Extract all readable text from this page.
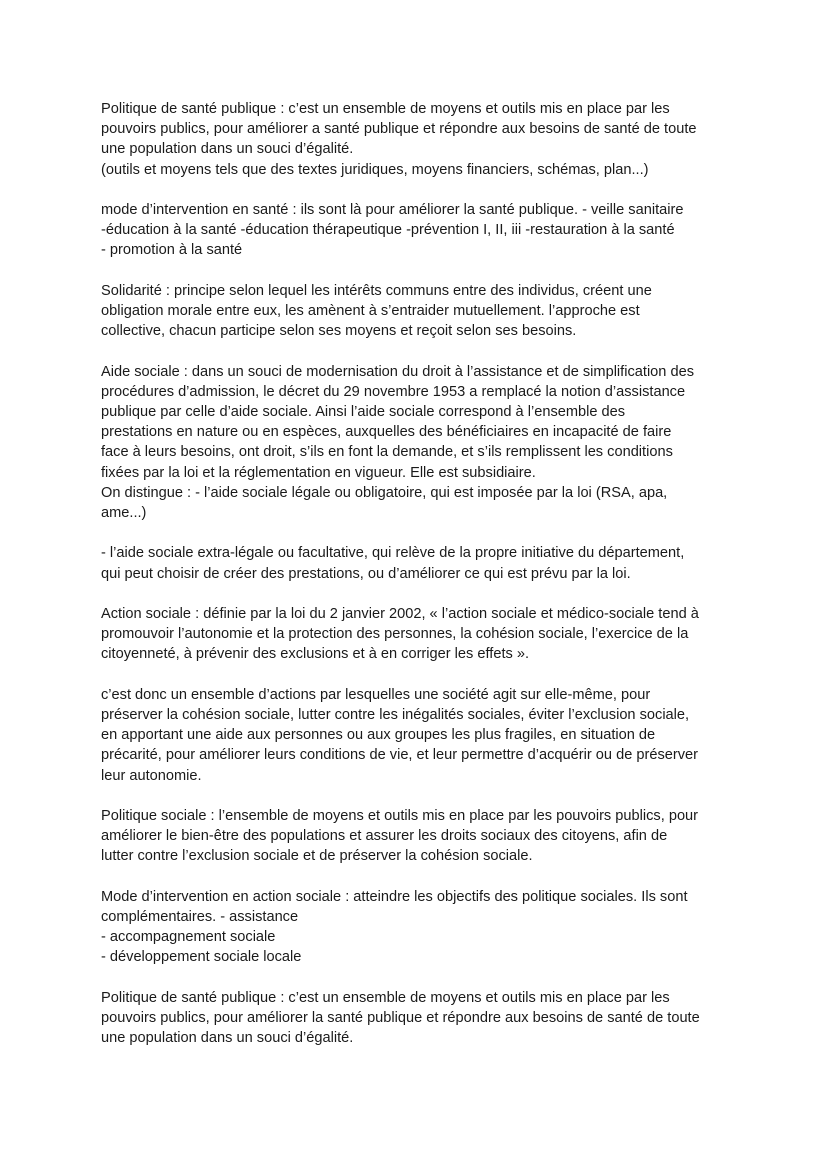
Politique de santé publique : c’est un ensemble de moyens et outils mis en place par les
pouvoirs publics, pour améliorer a santé publique et répondre aux besoins de santé de toute
une population dans un souci d’égalité.
(outils et moyens tels que des textes juridiques, moyens financiers, schémas, plan...)

mode d’intervention en santé : ils sont là pour améliorer la santé publique. - veille sanitaire
-éducation à la santé -éducation thérapeutique -prévention I, II, iii -restauration à la santé
- promotion à la santé

Solidarité : principe selon lequel les intérêts communs entre des individus, créent une
obligation morale entre eux, les amènent à s’entraider mutuellement. l’approche est
collective, chacun participe selon ses moyens et reçoit selon ses besoins.

Aide sociale : dans un souci de modernisation du droit à l’assistance et de simplification des
procédures d’admission, le décret du 29 novembre 1953 a remplacé la notion d’assistance
publique par celle d’aide sociale. Ainsi l’aide sociale correspond à l’ensemble des
prestations en nature ou en espèces, auxquelles des bénéficiaires en incapacité de faire
face à leurs besoins, ont droit, s’ils en font la demande, et s’ils remplissent les conditions
fixées par la loi et la réglementation en vigueur. Elle est subsidiaire.
On distingue : - l’aide sociale légale ou obligatoire, qui est imposée par la loi (RSA, apa,
ame...)

- l’aide sociale extra-légale ou facultative, qui relève de la propre initiative du département,
qui peut choisir de créer des prestations, ou d’améliorer ce qui est prévu par la loi.

Action sociale : définie par la loi du 2 janvier 2002, « l’action sociale et médico-sociale tend à
promouvoir l’autonomie et la protection des personnes, la cohésion sociale, l’exercice de la
citoyenneté, à prévenir des exclusions et à en corriger les effets ».

c’est donc un ensemble d’actions par lesquelles une société agit sur elle-même, pour
préserver la cohésion sociale, lutter contre les inégalités sociales, éviter l’exclusion sociale,
en apportant une aide aux personnes ou aux groupes les plus fragiles, en situation de
précarité, pour améliorer leurs conditions de vie, et leur permettre d’acquérir ou de préserver
leur autonomie.

Politique sociale : l’ensemble de moyens et outils mis en place par les pouvoirs publics, pour
améliorer le bien-être des populations et assurer les droits sociaux des citoyens, afin de
lutter contre l’exclusion sociale et de préserver la cohésion sociale.

Mode d’intervention en action sociale : atteindre les objectifs des politique sociales. Ils sont
complémentaires. - assistance
- accompagnement sociale
- développement sociale locale

Politique de santé publique : c’est un ensemble de moyens et outils mis en place par les
pouvoirs publics, pour améliorer la santé publique et répondre aux besoins de santé de toute
une population dans un souci d’égalité.
